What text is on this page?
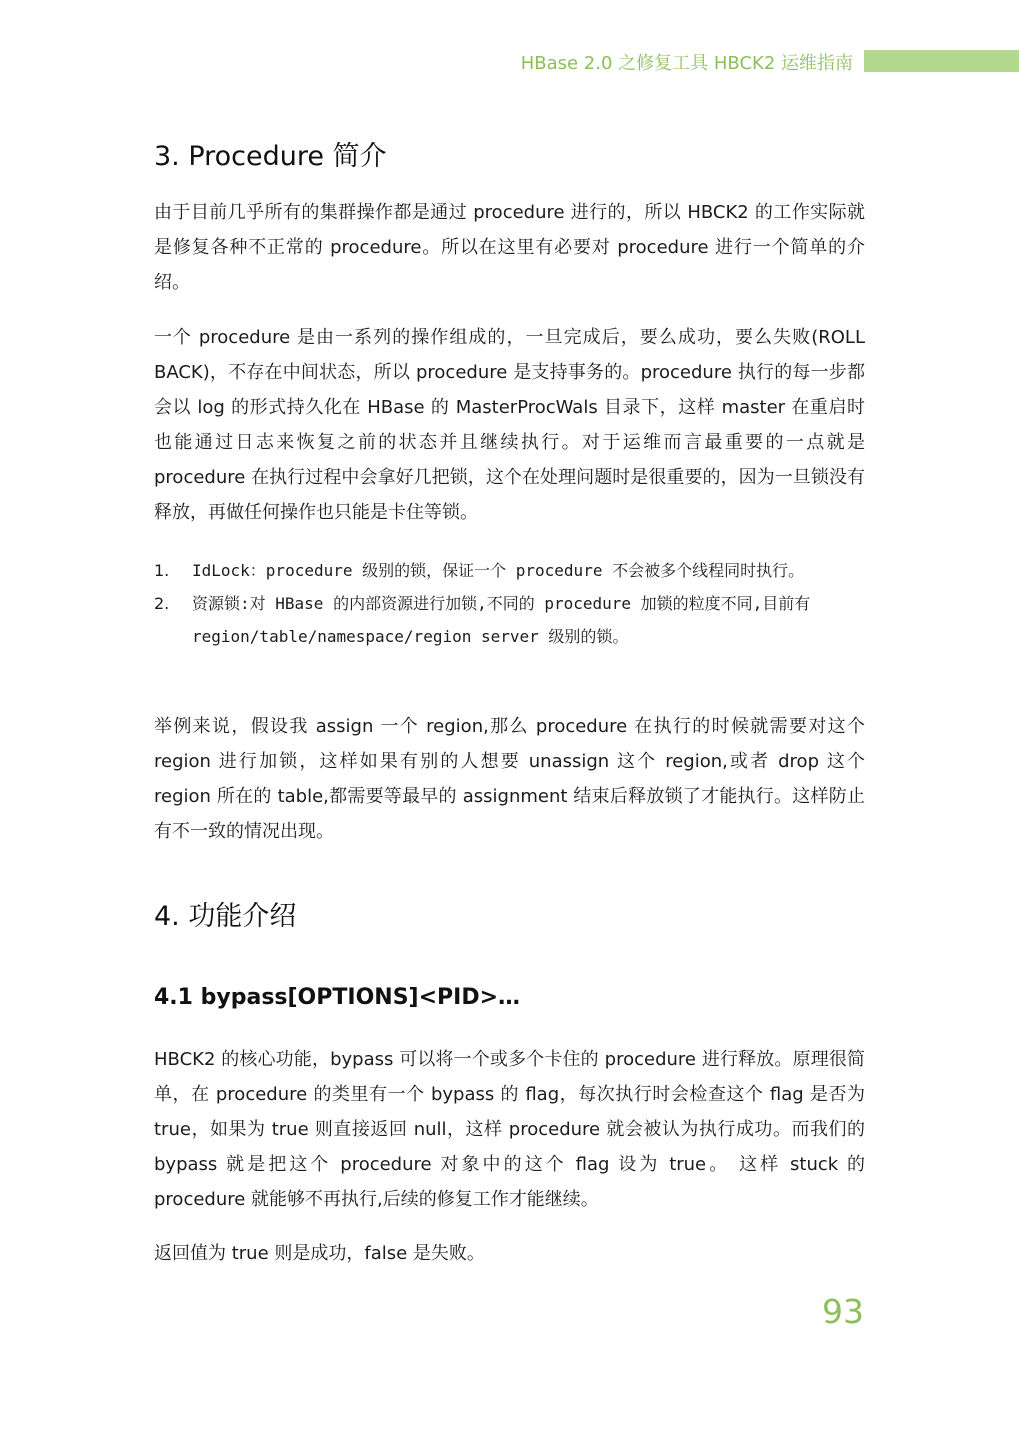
HBase 2.0 之修复工具 HBCK2 运维指南
3. Procedure 简介

由于目前几乎所有的集群操作都是通过 procedure 进行的，所以 HBCK2 的工作实际就是修复各种不正常的 procedure。所以在这里有必要对 procedure 进行一个简单的介绍。

一个 procedure 是由一系列的操作组成的，一旦完成后，要么成功，要么失败(ROLL BACK)，不存在中间状态，所以 procedure 是支持事务的。procedure 执行的每一步都会以 log 的形式持久化在 HBase 的 MasterProcWals 目录下，这样 master 在重启时也能通过日志来恢复之前的状态并且继续执行。对于运维而言最重要的一点就是 procedure 在执行过程中会拿好几把锁，这个在处理问题时是很重要的，因为一旦锁没有释放，再做任何操作也只能是卡住等锁。

1. IdLock：procedure 级别的锁，保证一个 procedure 不会被多个线程同时执行。
2. 资源锁:对 HBase 的内部资源进行加锁,不同的 procedure 加锁的粒度不同,目前有 region/table/namespace/region server 级别的锁。

举例来说，假设我 assign 一个 region,那么 procedure 在执行的时候就需要对这个 region 进行加锁，这样如果有别的人想要 unassign 这个 region,或者 drop 这个 region 所在的 table,都需要等最早的 assignment 结束后释放锁了才能执行。这样防止有不一致的情况出现。

4. 功能介绍
4.1 bypass[OPTIONS]<PID>…

HBCK2 的核心功能，bypass 可以将一个或多个卡住的 procedure 进行释放。原理很简单，在 procedure 的类里有一个 bypass 的 flag，每次执行时会检查这个 flag 是否为 true，如果为 true 则直接返回 null，这样 procedure 就会被认为执行成功。而我们的 bypass 就是把这个 procedure 对象中的这个 flag 设为 true。 这样 stuck 的 procedure 就能够不再执行,后续的修复工作才能继续。

返回值为 true 则是成功，false 是失败。

93
